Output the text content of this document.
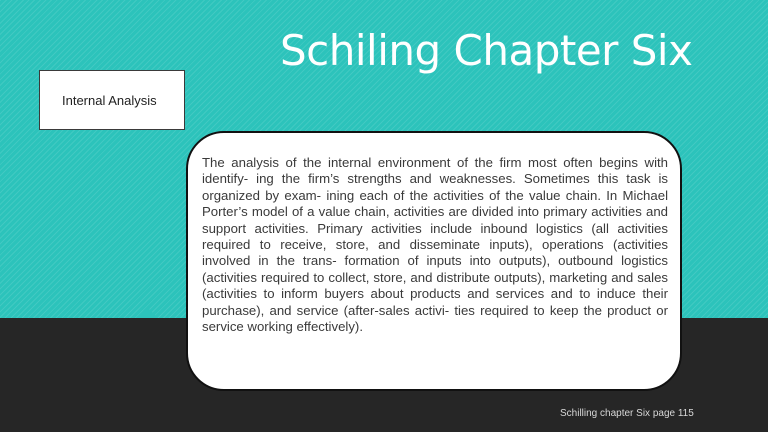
Schiling Chapter Six
Internal Analysis

The analysis of the internal environment of the firm most often begins with identify- ing the firm’s strengths and weaknesses. Sometimes this task is organized by exam- ining each of the activities of the value chain. In Michael Porter’s model of a value chain, activities are divided into primary activities and support activities. Primary activities include inbound logistics (all activities required to receive, store, and disseminate inputs), operations (activities involved in the trans- formation of inputs into outputs), outbound logistics (activities required to collect, store, and distribute outputs), marketing and sales (activities to inform buyers about products and services and to induce their purchase), and service (after-sales activi- ties required to keep the product or service working effectively).

Schilling chapter Six page 115
